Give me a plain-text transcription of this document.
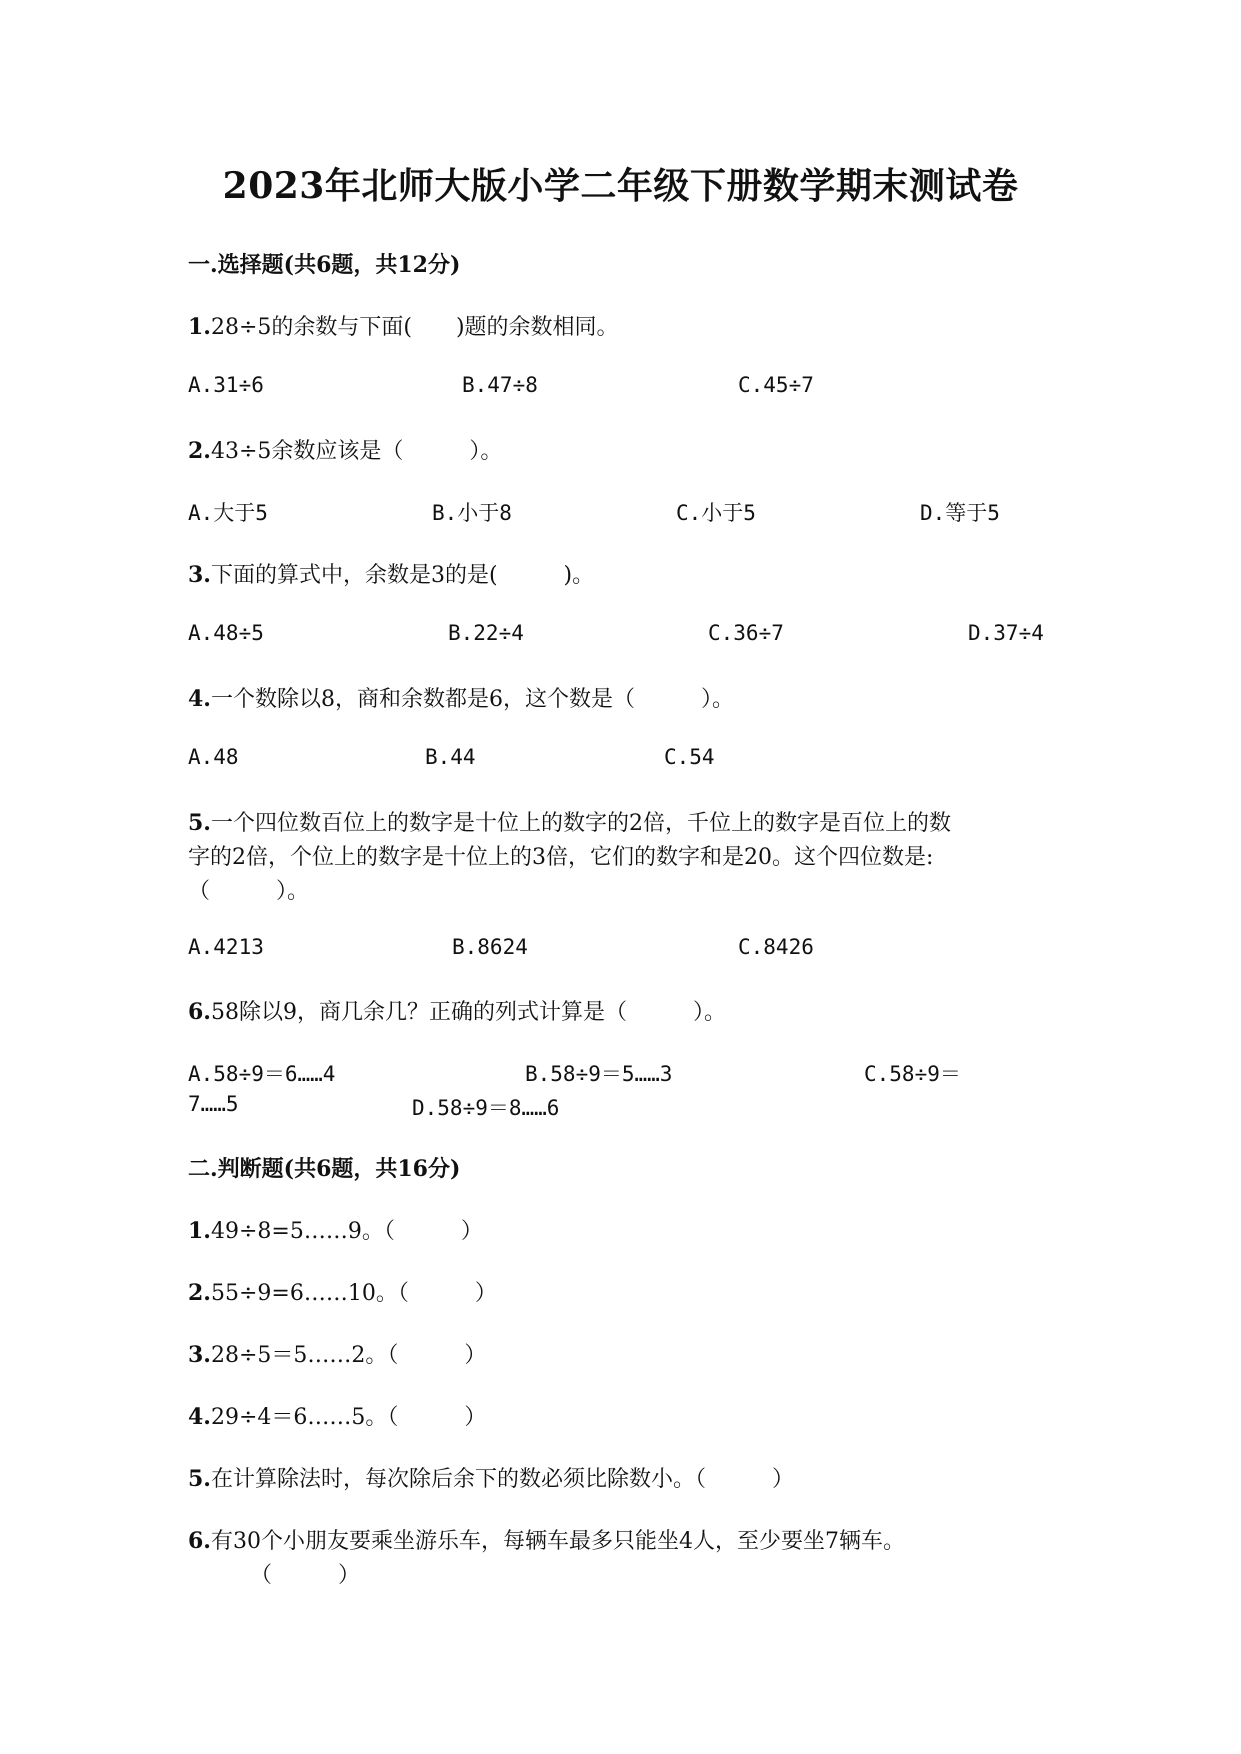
2023年北师大版小学二年级下册数学期末测试卷
一.选择题(共6题，共12分)
1.28÷5的余数与下面(　　)题的余数相同。
A.31÷6	B.47÷8	C.45÷7
2.43÷5余数应该是（　　　）。
A.大于5	B.小于8	C.小于5	D.等于5
3.下面的算式中，余数是3的是(　　　)。
A.48÷5	B.22÷4	C.36÷7	D.37÷4
4.一个数除以8，商和余数都是6，这个数是（　　　）。
A.48	B.44	C.54
5.一个四位数百位上的数字是十位上的数字的2倍，千位上的数字是百位上的数
字的2倍，个位上的数字是十位上的3倍，它们的数字和是20。这个四位数是:
（　　　）。
A.4213	B.8624	C.8426
6.58除以9，商几余几？正确的列式计算是（　　　）。
A.58÷9＝6……4	B.58÷9＝5……3	C.58÷9＝
7……5	D.58÷9＝8……6
二.判断题(共6题，共16分)
1.49÷8=5……9。（　　　）
2.55÷9=6……10。（　　　）
3.28÷5＝5……2。（　　　）
4.29÷4＝6……5。（　　　）
5.在计算除法时，每次除后余下的数必须比除数小。（　　　）
6.有30个小朋友要乘坐游乐车，每辆车最多只能坐4人，至少要坐7辆车。
（　　　）
